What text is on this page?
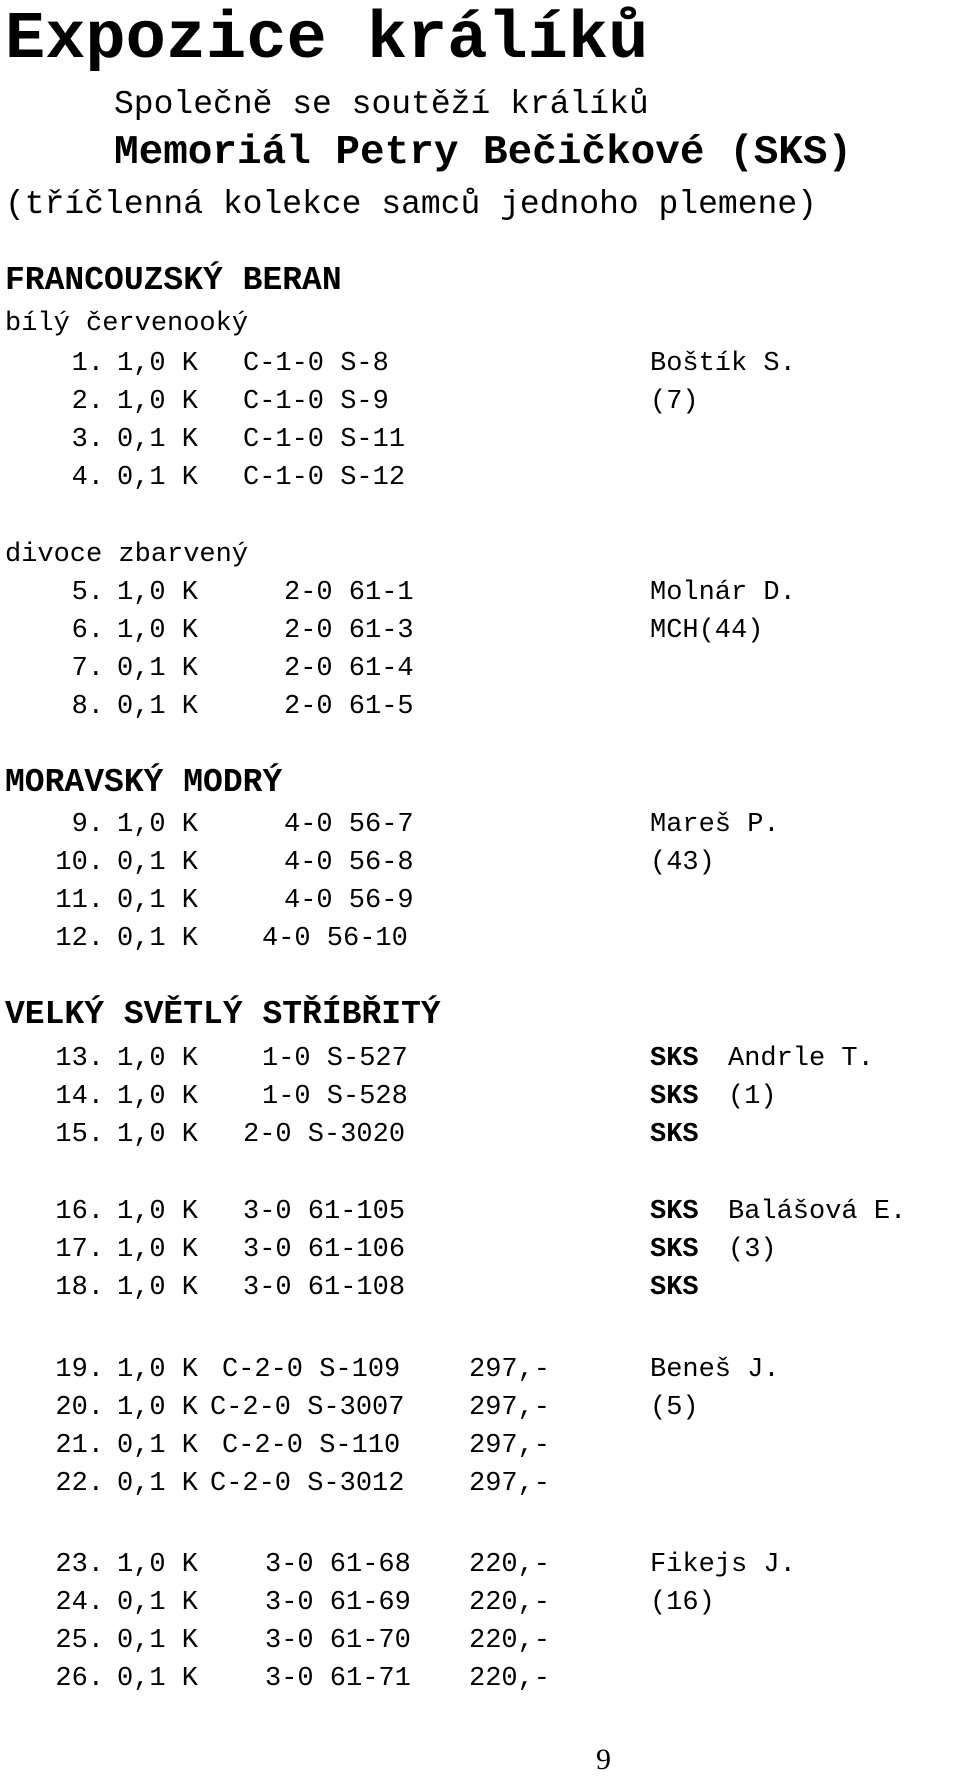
Expozice králíků
Společně se soutěží králíků
Memoriál Petry Bečičkové (SKS)
(tříčlenná kolekce samců jednoho plemene)
FRANCOUZSKÝ BERAN
bílý červenooký
1. 1,0 K C-1-0 S-8	Boštík S.
2. 1,0 K C-1-0 S-9	(7)
3. 0,1 K C-1-0 S-11
4. 0,1 K C-1-0 S-12
divoce zbarvený
5. 1,0 K	2-0 61-1	Molnár D.
6. 1,0 K	2-0 61-3	MCH(44)
7. 0,1 K	2-0 61-4
8. 0,1 K	2-0 61-5
MORAVSKÝ MODRÝ
9. 1,0 K	4-0 56-7	Mareš P.
10. 0,1 K	4-0 56-8	(43)
11. 0,1 K	4-0 56-9
12. 0,1 K 4-0 56-10
VELKÝ SVĚTLÝ STŘÍBŘITÝ
13. 1,0 K 1-0 S-527	SKS Andrle T.
14. 1,0 K 1-0 S-528	SKS (1)
15. 1,0 K 2-0 S-3020	SKS
16. 1,0 K 3-0 61-105	SKS Balášová E.
17. 1,0 K 3-0 61-106	SKS (3)
18. 1,0 K 3-0 61-108	SKS
19. 1,0 K C-2-0 S-109	297,-	Beneš J.
20. 1,0 K C-2-0 S-3007 297,-	(5)
21. 0,1 K C-2-0 S-110	297,-
22. 0,1 K C-2-0 S-3012 297,-
23. 1,0 K 3-0 61-68 220,-	Fikejs J.
24. 0,1 K 3-0 61-69 220,-	(16)
25. 0,1 K 3-0 61-70 220,-
26. 0,1 K 3-0 61-71 220,-
9
